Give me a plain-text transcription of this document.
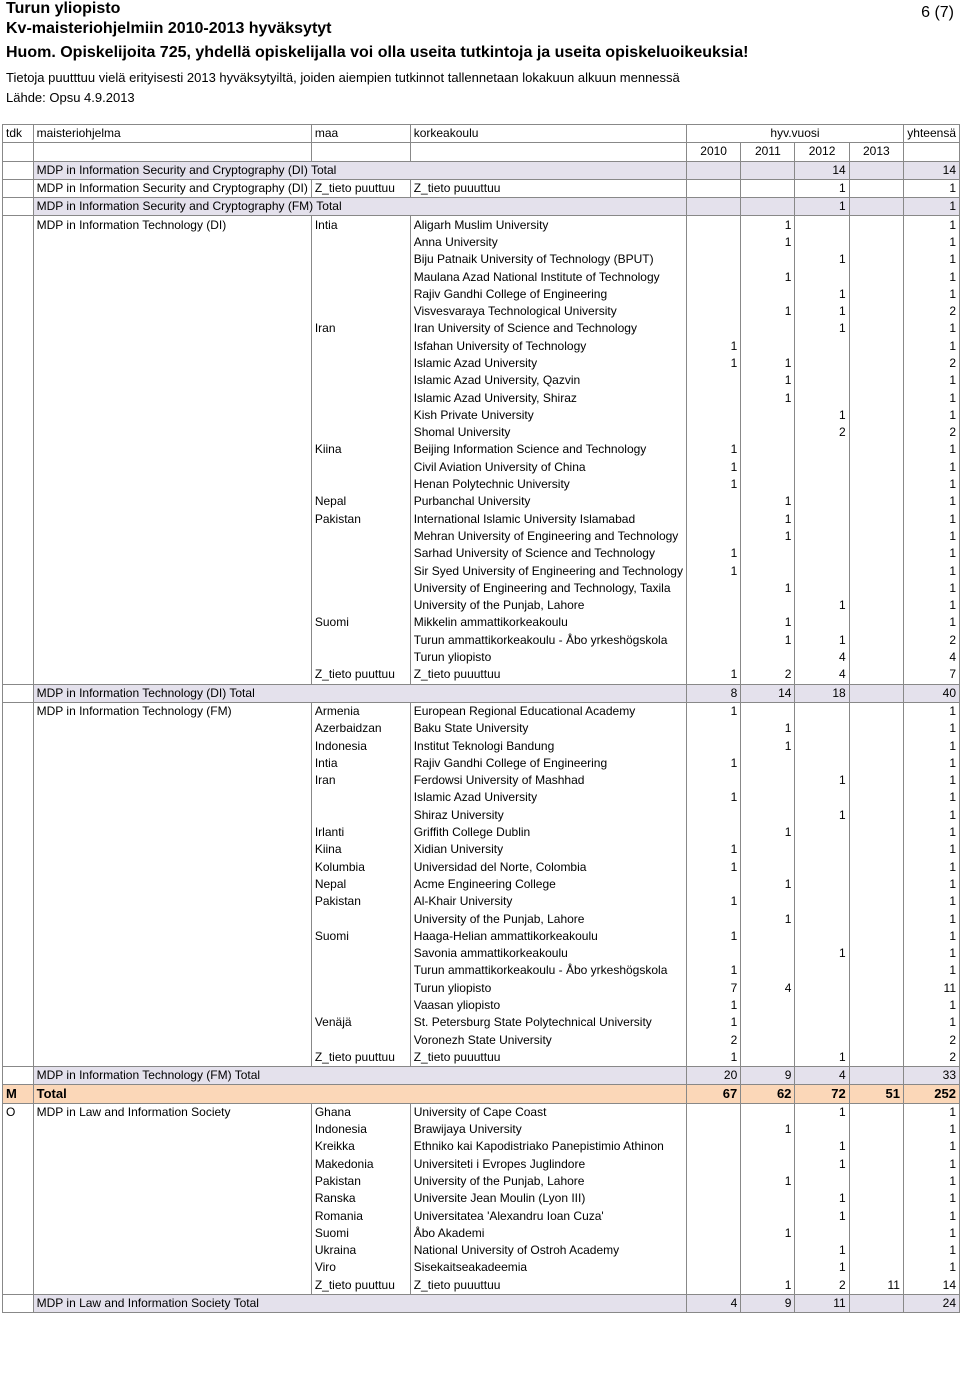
Turun yliopisto
Kv-maisteriohjelmiin 2010-2013 hyväksytyt
Huom. Opiskelijoita 725, yhdellä opiskelijalla voi olla useita tutkintoja ja useita opiskeluoikeuksia!
Tietoja puutttuu vielä erityisesti 2013 hyväksytyiltä, joiden aiempien tutkinnot tallennetaan lokakuun alkuun mennessä
Lähde: Opsu 4.9.2013
6 (7)
tdk	maisteriohjelma	maa	korkeakoulu	hyv.vuosi				yhteensä
				2010	2011	2012	2013	
	MDP in Information Security and Cryptography (DI) Total					14		14
	MDP in Information Security and Cryptography (DI)	Z_tieto puuttuu	Z_tieto puuuttuu			1		1
	MDP in Information Security and Cryptography (FM) Total					1		1
	MDP in Information Technology (DI)	Intia	Aligarh Muslim University		1			1
			Anna University		1			1
			Biju Patnaik University of Technology (BPUT)			1		1
			Maulana Azad National Institute of Technology		1			1
			Rajiv Gandhi College of Engineering			1		1
			Visvesvaraya Technological University		1	1		2
		Iran	Iran University of Science and Technology			1		1
			Isfahan University of Technology	1				1
			Islamic Azad University	1	1			2
			Islamic Azad University, Qazvin		1			1
			Islamic Azad University, Shiraz		1			1
			Kish Private University			1		1
			Shomal University			2		2
		Kiina	Beijing Information Science and Technology	1				1
			Civil Aviation University of China	1				1
			Henan Polytechnic University	1				1
		Nepal	Purbanchal University		1			1
		Pakistan	International Islamic University Islamabad		1			1
			Mehran University of Engineering and Technology		1			1
			Sarhad University of Science and Technology	1				1
			Sir Syed University of Engineering and Technology	1				1
			University of Engineering and Technology, Taxila		1			1
			University of the Punjab, Lahore			1		1
		Suomi	Mikkelin ammattikorkeakoulu		1			1
			Turun ammattikorkeakoulu - Åbo yrkeshögskola		1	1		2
			Turun yliopisto			4		4
		Z_tieto puuttuu	Z_tieto puuuttuu	1	2	4		7
	MDP in Information Technology (DI) Total			8	14	18		40
	MDP in Information Technology (FM)	Armenia	European Regional Educational Academy	1				1
		Azerbaidzan	Baku State University		1			1
		Indonesia	Institut Teknologi Bandung		1			1
		Intia	Rajiv Gandhi College of Engineering	1				1
		Iran	Ferdowsi University of Mashhad			1		1
			Islamic Azad University	1				1
			Shiraz University			1		1
		Irlanti	Griffith College Dublin		1			1
		Kiina	Xidian University	1				1
		Kolumbia	Universidad del Norte, Colombia	1				1
		Nepal	Acme Engineering College		1			1
		Pakistan	Al-Khair University	1				1
			University of the Punjab, Lahore		1			1
		Suomi	Haaga-Helian ammattikorkeakoulu	1				1
			Savonia ammattikorkeakoulu			1		1
			Turun ammattikorkeakoulu - Åbo yrkeshögskola	1				1
			Turun yliopisto	7	4			11
			Vaasan yliopisto	1				1
		Venäjä	St. Petersburg State Polytechnical University	1				1
			Voronezh State University	2				2
		Z_tieto puuttuu	Z_tieto puuuttuu	1		1		2
	MDP in Information Technology (FM) Total			20	9	4		33
M	Total			67	62	72	51	252
O	MDP in Law and Information Society	Ghana	University of Cape Coast			1		1
		Indonesia	Brawijaya University		1			1
		Kreikka	Ethniko kai Kapodistriako Panepistimio Athinon			1		1
		Makedonia	Universiteti i Evropes Juglindore			1		1
		Pakistan	University of the Punjab, Lahore		1			1
		Ranska	Universite Jean Moulin (Lyon III)			1		1
		Romania	Universitatea 'Alexandru Ioan Cuza'			1		1
		Suomi	Åbo Akademi		1			1
		Ukraina	National University of Ostroh Academy			1		1
		Viro	Sisekaitseakadeemia			1		1
		Z_tieto puuttuu	Z_tieto puuuttuu		1	2	11	14
	MDP in Law and Information Society Total			4	9	11		24
